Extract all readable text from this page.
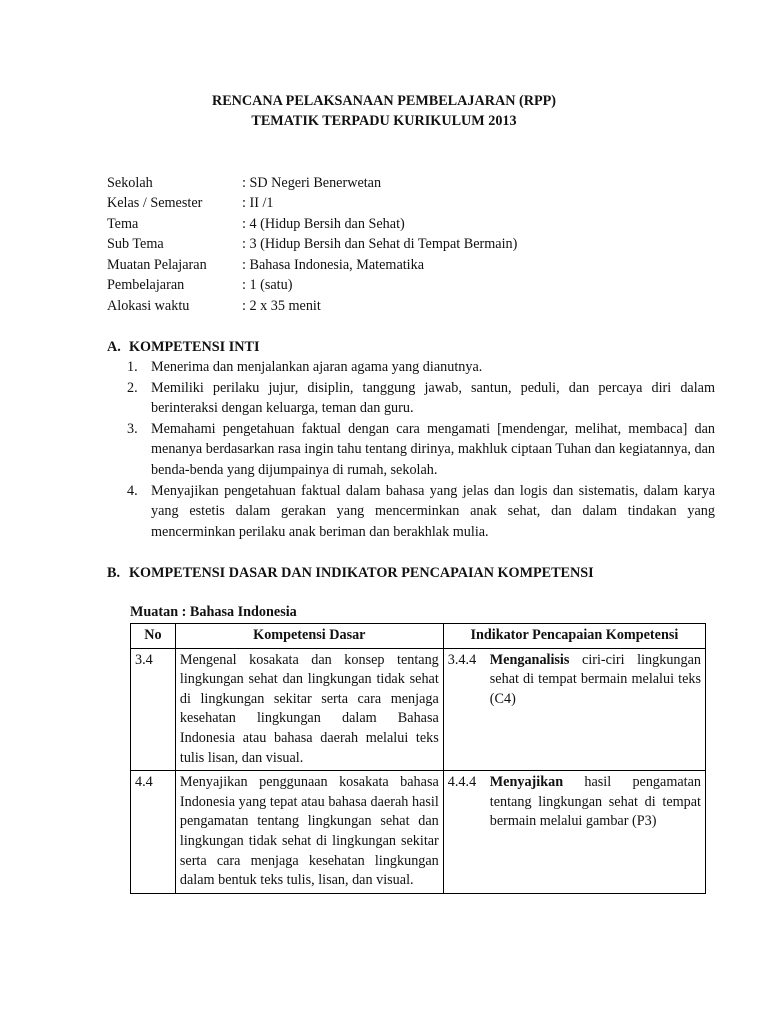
RENCANA PELAKSANAAN PEMBELAJARAN (RPP)
TEMATIK TERPADU KURIKULUM 2013
Sekolah	: SD Negeri Benerwetan
Kelas / Semester	: II /1
Tema	: 4 (Hidup Bersih dan Sehat)
Sub Tema	: 3 (Hidup Bersih dan Sehat di Tempat Bermain)
Muatan Pelajaran : Bahasa Indonesia, Matematika
Pembelajaran	: 1 (satu)
Alokasi waktu	: 2 x 35 menit
A. KOMPETENSI INTI
1. Menerima dan menjalankan ajaran agama yang dianutnya.
2. Memiliki perilaku jujur, disiplin, tanggung jawab, santun, peduli, dan percaya diri dalam berinteraksi dengan keluarga, teman dan guru.
3. Memahami pengetahuan faktual dengan cara mengamati [mendengar, melihat, membaca] dan menanya berdasarkan rasa ingin tahu tentang dirinya, makhluk ciptaan Tuhan dan kegiatannya, dan benda-benda yang dijumpainya di rumah, sekolah.
4. Menyajikan pengetahuan faktual dalam bahasa yang jelas dan logis dan sistematis, dalam karya yang estetis dalam gerakan yang mencerminkan anak sehat, dan dalam tindakan yang mencerminkan perilaku anak beriman dan berakhlak mulia.
B. KOMPETENSI DASAR DAN INDIKATOR PENCAPAIAN KOMPETENSI
Muatan : Bahasa Indonesia
No	Kompetensi Dasar	Indikator Pencapaian Kompetensi
3.4	Mengenal kosakata dan konsep tentang lingkungan sehat dan lingkungan tidak sehat di lingkungan sekitar serta cara menjaga kesehatan lingkungan dalam Bahasa Indonesia atau bahasa daerah melalui teks tulis lisan, dan visual.	3.4.4 Menganalisis ciri-ciri lingkungan sehat di tempat bermain melalui teks (C4)

4.4	Menyajikan penggunaan kosakata bahasa Indonesia yang tepat atau bahasa daerah hasil pengamatan tentang lingkungan sehat dan lingkungan tidak sehat di lingkungan sekitar serta cara menjaga kesehatan lingkungan dalam bentuk teks tulis, lisan, dan visual.	4.4.4 Menyajikan hasil pengamatan tentang lingkungan sehat di tempat bermain melalui gambar (P3)
